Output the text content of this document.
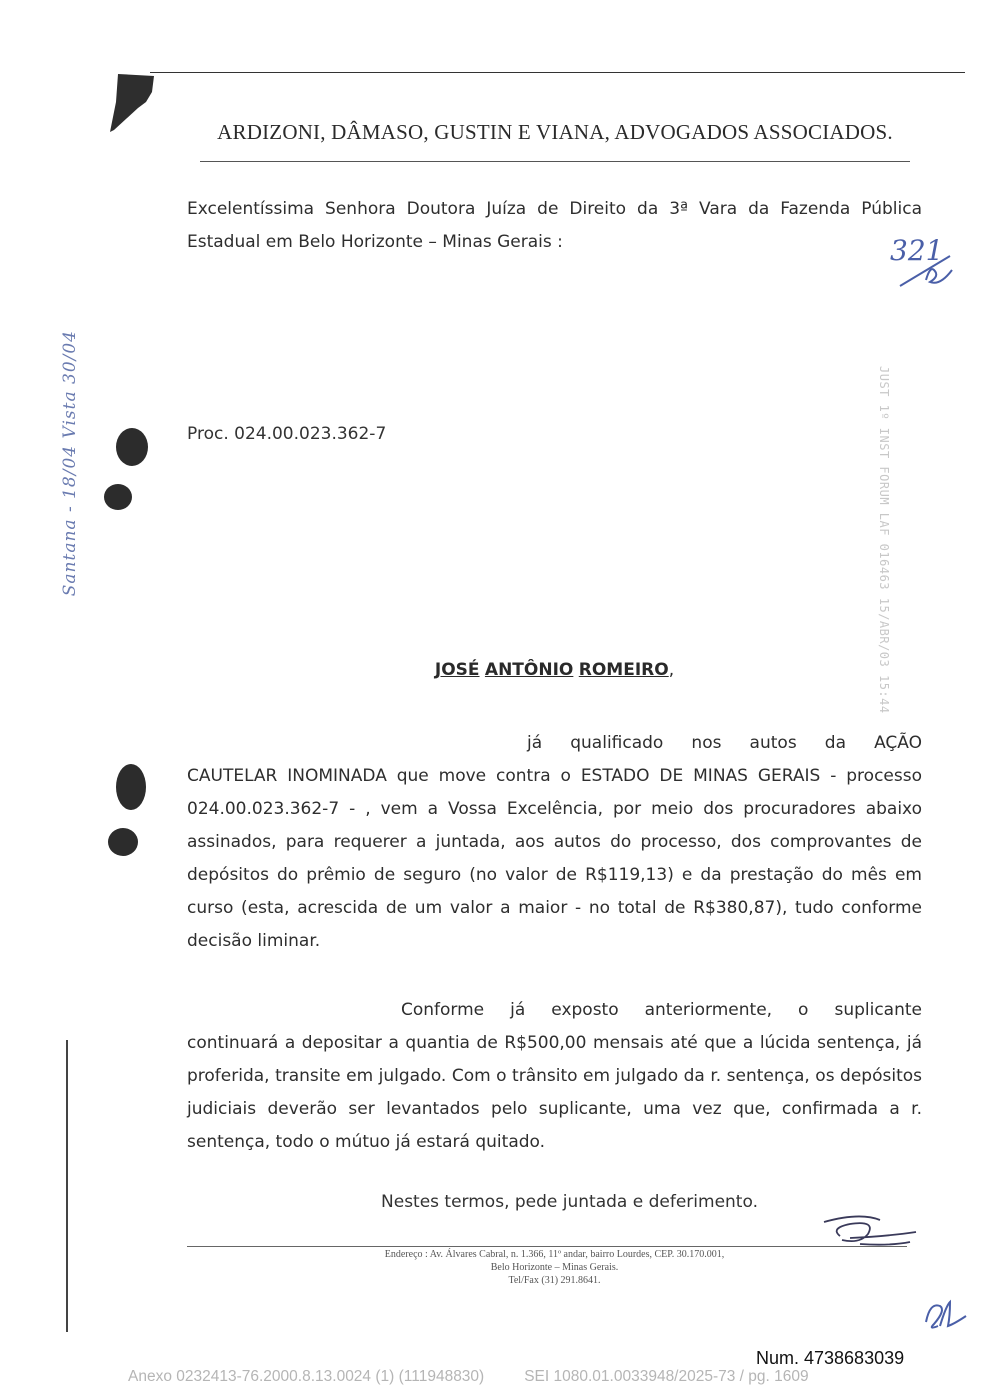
ARDIZONI, DÂMASO, GUSTIN E VIANA, ADVOGADOS ASSOCIADOS.
Excelentíssima Senhora Doutora Juíza de Direito da 3ª Vara da Fazenda Pública Estadual em Belo Horizonte – Minas Gerais :	321
JUST 1º INST FORUM LAF 016463 15/ABR/03 15:44
Santana - 18/04 Vista 30/04	Proc. 024.00.023.362-7
JOSÉ ANTÔNIO ROMEIRO,
já qualificado nos autos da AÇÃO
CAUTELAR INOMINADA que move contra o ESTADO DE MINAS GERAIS - processo 024.00.023.362-7 - , vem a Vossa Excelência, por meio dos procuradores abaixo assinados, para requerer a juntada, aos autos do processo, dos comprovantes de depósitos do prêmio de seguro (no valor de R$119,13) e da prestação do mês em curso (esta, acrescida de um valor a maior - no total de R$380,87), tudo conforme decisão liminar.
Conforme já exposto anteriormente, o suplicante
continuará a depositar a quantia de R$500,00 mensais até que a lúcida sentença, já proferida, transite em julgado. Com o trânsito em julgado da r. sentença, os depósitos judiciais deverão ser levantados pelo suplicante, uma vez que, confirmada a r. sentença, todo o mútuo já estará quitado.
Nestes termos, pede juntada e deferimento.
Endereço : Av. Álvares Cabral, n. 1.366, 11º andar, bairro Lourdes, CEP. 30.170.001,
Belo Horizonte – Minas Gerais.
Tel/Fax (31) 291.8641.
Num. 4738683039
Anexo 0232413-76.2000.8.13.0024 (1) (111948830)	SEI 1080.01.0033948/2025-73 / pg. 1609
